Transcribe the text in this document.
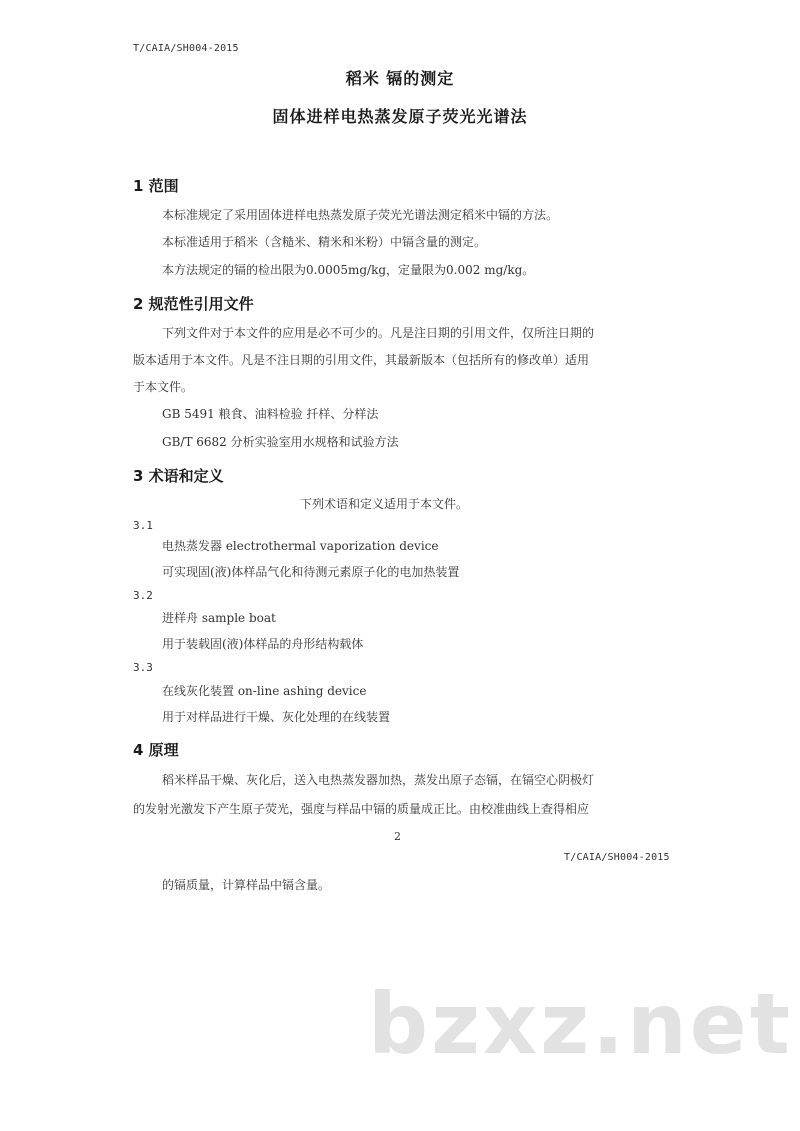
T/CAIA/SH004-2015
稻米 镉的测定
固体进样电热蒸发原子荧光光谱法
1 范围
本标准规定了采用固体进样电热蒸发原子荧光光谱法测定稻米中镉的方法。
本标准适用于稻米（含糙米、精米和米粉）中镉含量的测定。
本方法规定的镉的检出限为0.0005mg/kg，定量限为0.002 mg/kg。
2 规范性引用文件
下列文件对于本文件的应用是必不可少的。凡是注日期的引用文件，仅所注日期的
版本适用于本文件。凡是不注日期的引用文件，其最新版本（包括所有的修改单）适用
于本文件。
GB 5491 粮食、油料检验 扦样、分样法
GB/T 6682 分析实验室用水规格和试验方法
3 术语和定义
下列术语和定义适用于本文件。
3.1
电热蒸发器 electrothermal vaporization device
可实现固(液)体样品气化和待测元素原子化的电加热装置
3.2
进样舟 sample boat
用于装载固(液)体样品的舟形结构载体
3.3
在线灰化装置 on-line ashing device
用于对样品进行干燥、灰化处理的在线装置
4 原理
稻米样品干燥、灰化后，送入电热蒸发器加热，蒸发出原子态镉，在镉空心阴极灯
的发射光激发下产生原子荧光，强度与样品中镉的质量成正比。由校准曲线上查得相应
2
T/CAIA/SH004-2015
的镉质量，计算样品中镉含量。
bzxz.net
